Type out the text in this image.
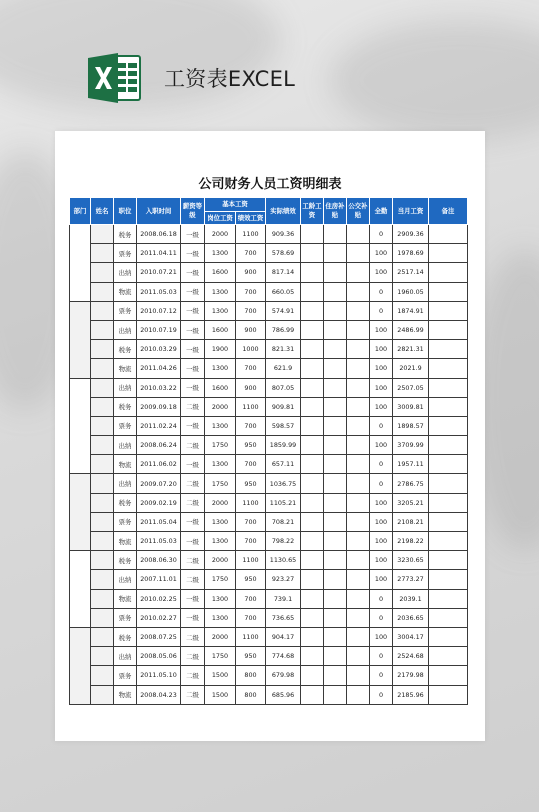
工资表EXCEL
公司财务人员工资明细表
部门	姓名	职位	入职时间	薪资等级	基本工资		实际绩效	工龄工资	住房补贴	公交补贴	全勤	当月工资	备注
					岗位工资	绩效工资							
		税务	2008.06.18	一级	2000	1100	909.36				0	2909.36	
		票务	2011.04.11	一级	1300	700	578.69				100	1978.69	
		出纳	2010.07.21	一级	1600	900	817.14				100	2517.14	
		物流	2011.05.03	一级	1300	700	660.05				0	1960.05	
		票务	2010.07.12	一级	1300	700	574.91				0	1874.91	
		出纳	2010.07.19	一级	1600	900	786.99				100	2486.99	
		税务	2010.03.29	一级	1900	1000	821.31				100	2821.31	
		物流	2011.04.26	一级	1300	700	621.9				100	2021.9	
		出纳	2010.03.22	一级	1600	900	807.05				100	2507.05	
		税务	2009.09.18	二级	2000	1100	909.81				100	3009.81	
		票务	2011.02.24	一级	1300	700	598.57				0	1898.57	
		出纳	2008.06.24	二级	1750	950	1859.99				100	3709.99	
		物流	2011.06.02	一级	1300	700	657.11				0	1957.11	
		出纳	2009.07.20	二级	1750	950	1036.75				0	2786.75	
		税务	2009.02.19	二级	2000	1100	1105.21				100	3205.21	
		票务	2011.05.04	一级	1300	700	708.21				100	2108.21	
		物流	2011.05.03	一级	1300	700	798.22				100	2198.22	
		税务	2008.06.30	二级	2000	1100	1130.65				100	3230.65	
		出纳	2007.11.01	二级	1750	950	923.27				100	2773.27	
		物流	2010.02.25	一级	1300	700	739.1				0	2039.1	
		票务	2010.02.27	一级	1300	700	736.65				0	2036.65	
		税务	2008.07.25	二级	2000	1100	904.17				100	3004.17	
		出纳	2008.05.06	二级	1750	950	774.68				0	2524.68	
		票务	2011.05.10	二级	1500	800	679.98				0	2179.98	
		物流	2008.04.23	二级	1500	800	685.96				0	2185.96	
